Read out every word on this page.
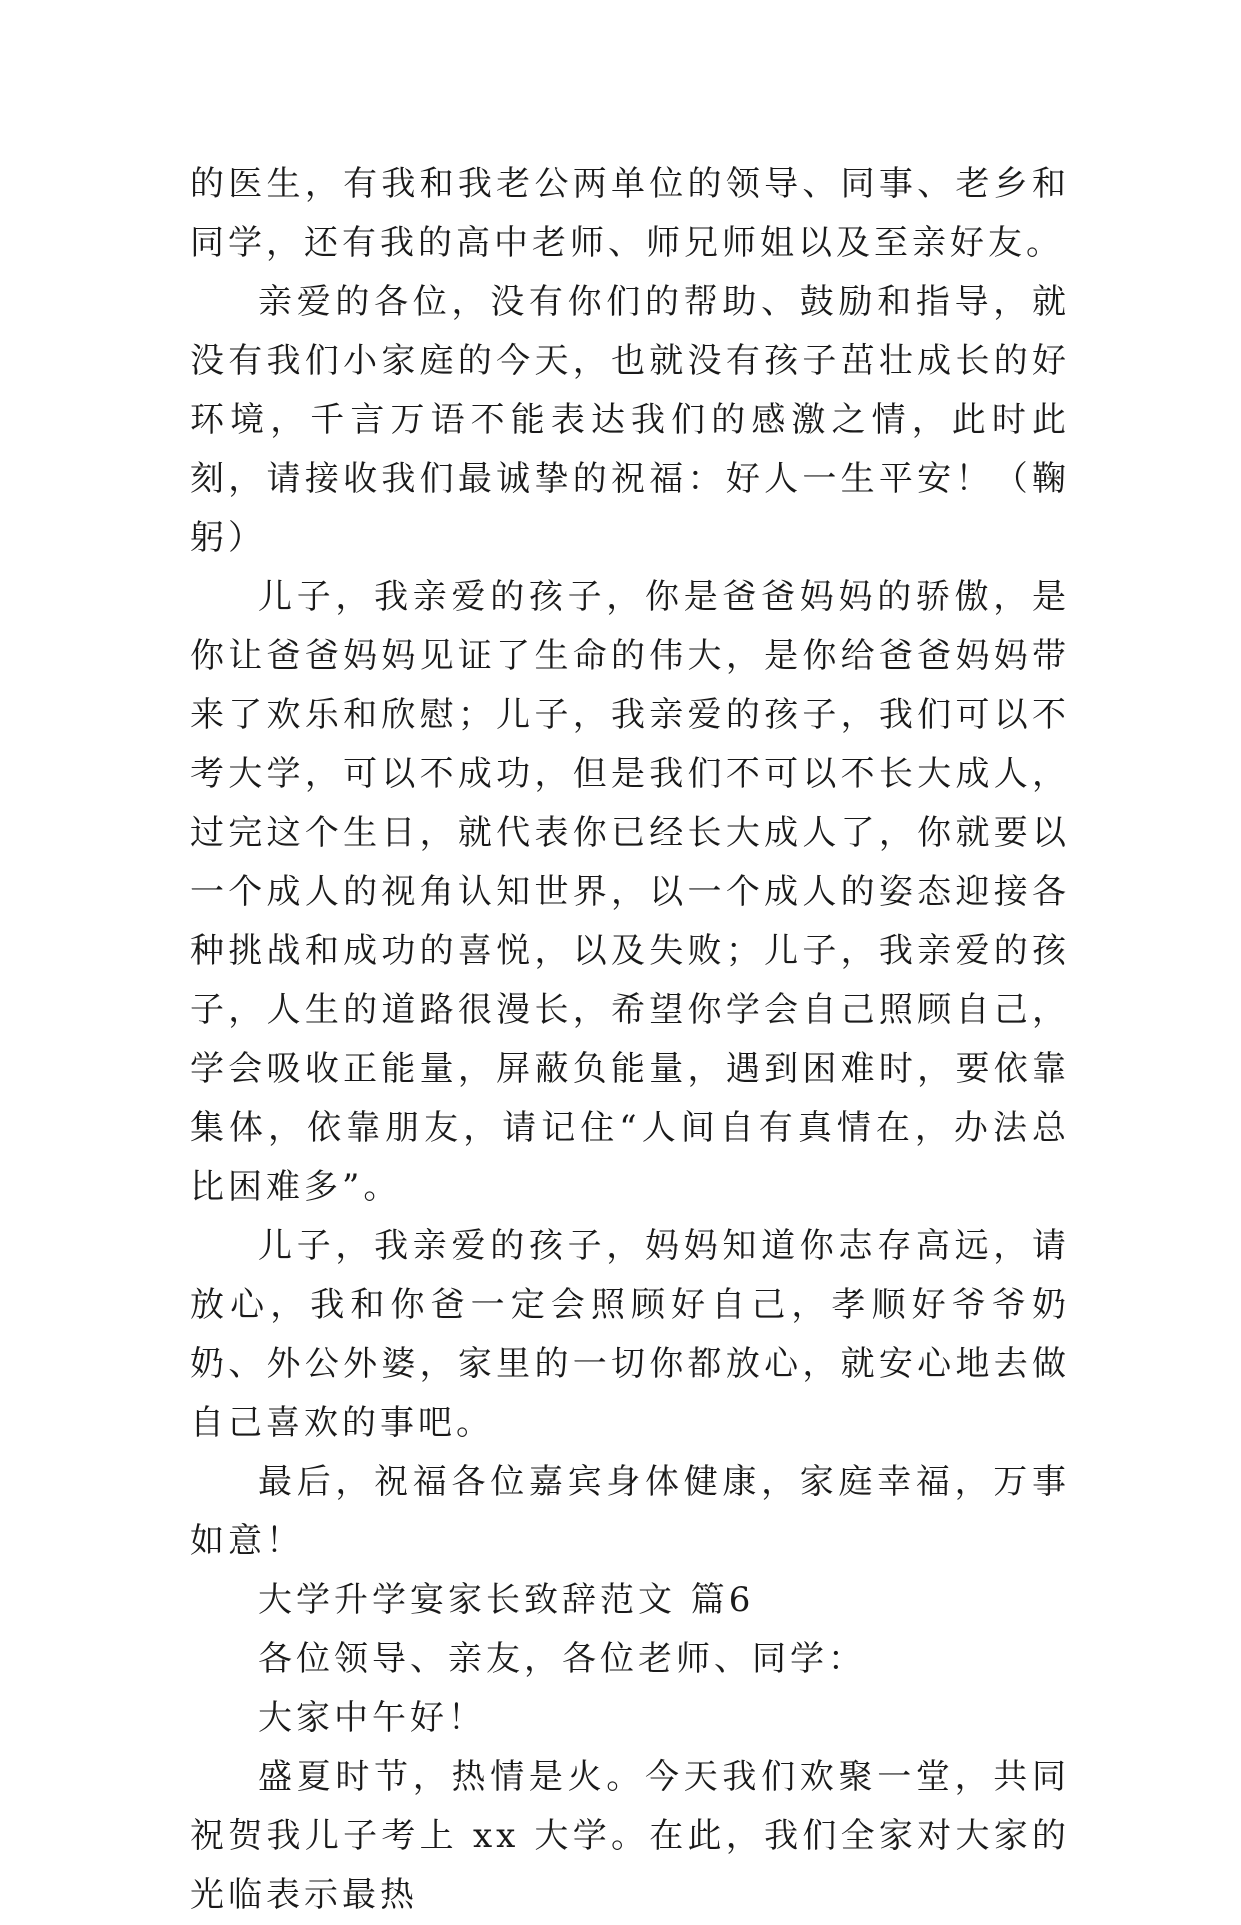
的医生，有我和我老公两单位的领导、同事、老乡和同学，还有我的高中老师、师兄师姐以及至亲好友。

亲爱的各位，没有你们的帮助、鼓励和指导，就没有我们小家庭的今天，也就没有孩子茁壮成长的好环境，千言万语不能表达我们的感激之情，此时此刻，请接收我们最诚挚的祝福：好人一生平安！（鞠躬）

儿子，我亲爱的孩子，你是爸爸妈妈的骄傲，是你让爸爸妈妈见证了生命的伟大，是你给爸爸妈妈带来了欢乐和欣慰；儿子，我亲爱的孩子，我们可以不考大学，可以不成功，但是我们不可以不长大成人，过完这个生日，就代表你已经长大成人了，你就要以一个成人的视角认知世界，以一个成人的姿态迎接各种挑战和成功的喜悦，以及失败；儿子，我亲爱的孩子，人生的道路很漫长，希望你学会自己照顾自己，学会吸收正能量，屏蔽负能量，遇到困难时，要依靠集体，依靠朋友，请记住“人间自有真情在，办法总比困难多”。

儿子，我亲爱的孩子，妈妈知道你志存高远，请放心，我和你爸一定会照顾好自己，孝顺好爷爷奶奶、外公外婆，家里的一切你都放心，就安心地去做自己喜欢的事吧。

最后，祝福各位嘉宾身体健康，家庭幸福，万事如意！

大学升学宴家长致辞范文 篇6

各位领导、亲友，各位老师、同学：

大家中午好！

盛夏时节，热情是火。今天我们欢聚一堂，共同祝贺我儿子考上 xx 大学。在此，我们全家对大家的光临表示最热
